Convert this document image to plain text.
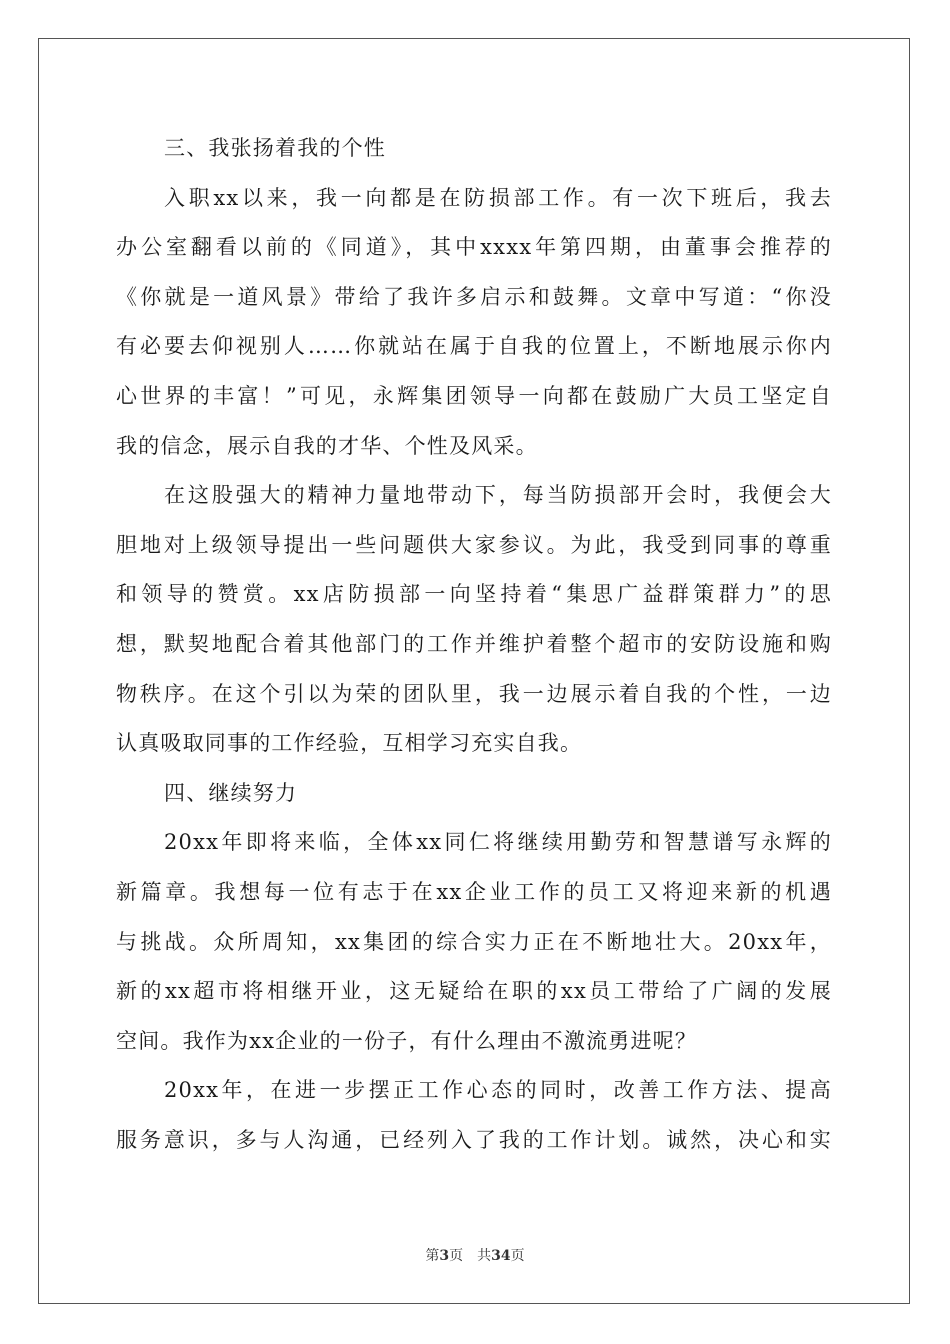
三、我张扬着我的个性
入职xx以来，我一向都是在防损部工作。有一次下班后，我去
办公室翻看以前的《同道》，其中xxxx年第四期，由董事会推荐的
《你就是一道风景》带给了我许多启示和鼓舞。文章中写道：“你没
有必要去仰视别人……你就站在属于自我的位置上，不断地展示你内
心世界的丰富！”可见，永辉集团领导一向都在鼓励广大员工坚定自
我的信念，展示自我的才华、个性及风采。
在这股强大的精神力量地带动下，每当防损部开会时，我便会大
胆地对上级领导提出一些问题供大家参议。为此，我受到同事的尊重
和领导的赞赏。xx店防损部一向坚持着“集思广益群策群力”的思
想，默契地配合着其他部门的工作并维护着整个超市的安防设施和购
物秩序。在这个引以为荣的团队里，我一边展示着自我的个性，一边
认真吸取同事的工作经验，互相学习充实自我。
四、继续努力
20xx年即将来临，全体xx同仁将继续用勤劳和智慧谱写永辉的
新篇章。我想每一位有志于在xx企业工作的员工又将迎来新的机遇
与挑战。众所周知，xx集团的综合实力正在不断地壮大。20xx年，
新的xx超市将相继开业，这无疑给在职的xx员工带给了广阔的发展
空间。我作为xx企业的一份子，有什么理由不激流勇进呢？
20xx年，在进一步摆正工作心态的同时，改善工作方法、提高
服务意识，多与人沟通，已经列入了我的工作计划。诚然，决心和实
第3页 共34页
